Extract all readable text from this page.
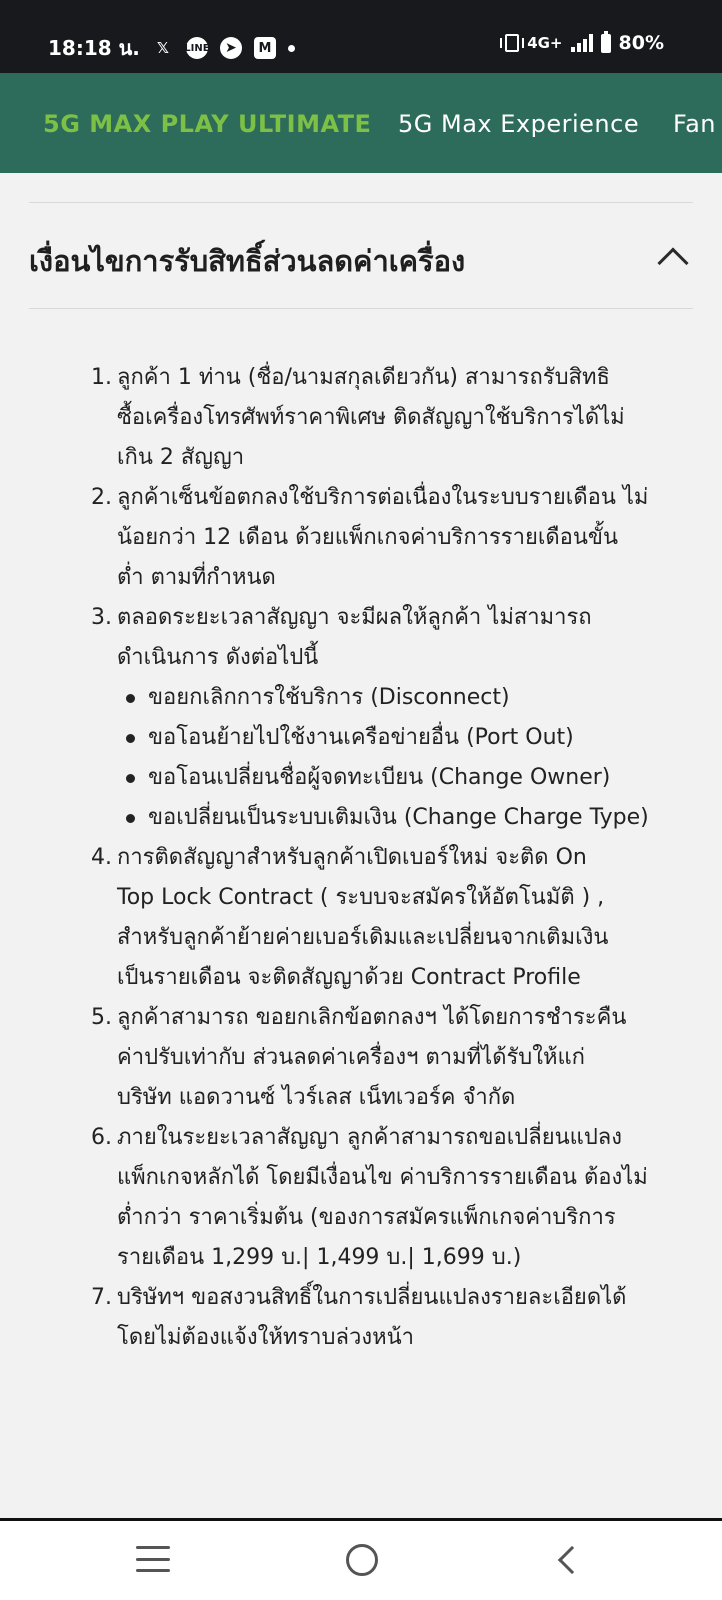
18:18 น.	𝕏	LINE	➤	M	4G+	80%
5G MAX PLAY ULTIMATE 5G Max Experience Fan
เงื่อนไขการรับสิทธิ์ส่วนลดค่าเครื่อง
1. ลูกค้า 1 ท่าน (ชื่อ/นามสกุลเดียวกัน) สามารถรับสิทธิ
ซื้อเครื่องโทรศัพท์ราคาพิเศษ ติดสัญญาใช้บริการได้ไม่
เกิน 2 สัญญา
2. ลูกค้าเซ็นข้อตกลงใช้บริการต่อเนื่องในระบบรายเดือน ไม่
น้อยกว่า 12 เดือน ด้วยแพ็กเกจค่าบริการรายเดือนขั้น
ต่ำ ตามที่กำหนด
3. ตลอดระยะเวลาสัญญา จะมีผลให้ลูกค้า ไม่สามารถ
ดำเนินการ ดังต่อไปนี้
ขอยกเลิกการใช้บริการ (Disconnect)
ขอโอนย้ายไปใช้งานเครือข่ายอื่น (Port Out)
ขอโอนเปลี่ยนชื่อผู้จดทะเบียน (Change Owner)
ขอเปลี่ยนเป็นระบบเติมเงิน (Change Charge Type)
4. การติดสัญญาสำหรับลูกค้าเปิดเบอร์ใหม่ จะติด On
Top Lock Contract ( ระบบจะสมัครให้อัตโนมัติ ) ,
สำหรับลูกค้าย้ายค่ายเบอร์เดิมและเปลี่ยนจากเติมเงิน
เป็นรายเดือน จะติดสัญญาด้วย Contract Profile
5. ลูกค้าสามารถ ขอยกเลิกข้อตกลงฯ ได้โดยการชำระคืน
ค่าปรับเท่ากับ ส่วนลดค่าเครื่องฯ ตามที่ได้รับให้แก่
บริษัท แอดวานซ์ ไวร์เลส เน็ทเวอร์ค จำกัด
6. ภายในระยะเวลาสัญญา ลูกค้าสามารถขอเปลี่ยนแปลง
แพ็กเกจหลักได้ โดยมีเงื่อนไข ค่าบริการรายเดือน ต้องไม่
ต่ำกว่า ราคาเริ่มต้น (ของการสมัครแพ็กเกจค่าบริการ
รายเดือน 1,299 บ.| 1,499 บ.| 1,699 บ.)
7. บริษัทฯ ขอสงวนสิทธิ์ในการเปลี่ยนแปลงรายละเอียดได้
โดยไม่ต้องแจ้งให้ทราบล่วงหน้า
